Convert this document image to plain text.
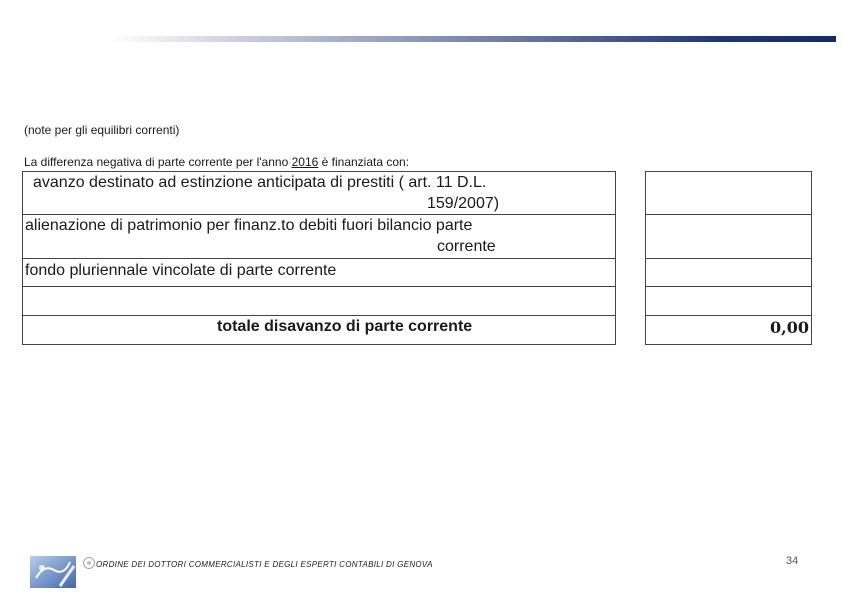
(note per gli equilibri correnti)
La differenza negativa di parte corrente per l'anno 2016 è finanziata con:
avanzo destinato ad estinzione anticipata di prestiti ( art. 11 D.L.
159/2007)		

alienazione di patrimonio per finanz.to debiti fuori bilancio parte
corrente		

fondo pluriennale vincolate di parte corrente		

totale disavanzo di parte corrente		0,00
ORDINE DEI DOTTORI COMMERCIALISTI E DEGLI ESPERTI CONTABILI DI GENOVA	34
